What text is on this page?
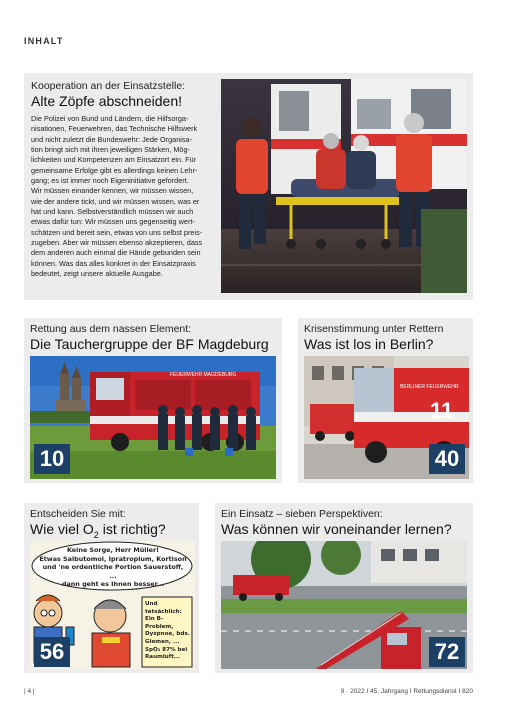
INHALT
Kooperation an der Einsatzstelle:
Alte Zöpfe abschneiden!
Die Polizei von Bund und Ländern, die Hilfsorga-
nisationen, Feuerwehren, das Technische Hilfswerk
und nicht zuletzt die Bundeswehr: Jede Organisa-
tion bringt sich mit ihren jeweiligen Stärken, Mög-
lichkeiten und Kompetenzen am Einsatzort ein. Für
gemeinsame Erfolge gibt es allerdings keinen Lehr-
gang; es ist immer noch Eigeninitiative gefordert.
Wir müssen einander kennen, wir müssen wissen,
wie der andere tickt, und wir müssen wissen, was er
hat und kann. Selbstverständlich müssen wir auch
etwas dafür tun: Wir müssen uns gegenseitig wert-
schätzen und bereit sein, etwas von uns selbst preis-
zugeben. Aber wir müssen ebenso akzeptieren, dass
dem anderen auch einmal die Hände gebunden sein
können. Was das alles konkret in der Einsatzpraxis
bedeutet, zeigt unsere aktuelle Ausgabe.
Rettung aus dem nassen Element:
Die Tauchergruppe der BF Magdeburg
FEUERWEHR MAGDEBURG
10
Krisenstimmung unter Rettern
Was ist los in Berlin?
BERLINER FEUERWEHR
11
40
Entscheiden Sie mit:
Wie viel $O_2$ ist richtig?
Keine Sorge, Herr Müller!
Etwas Salbutomol, Ipratropium, Kortison
und 'ne ordentliche Portion Sauerstoff, ...
dann geht es Ihnen besser...
Und tatsächlich:
Ein B-Problem,
Dyspnoe, bds.
Giemen, ...
SpO₂ 87% bei
Raumluft...
56
Ein Einsatz – sieben Perspektiven:
Was können wir voneinander lernen?
72
| 4 |	9 · 2022 I 45. Jahrgang I Rettungsdienst I 820
